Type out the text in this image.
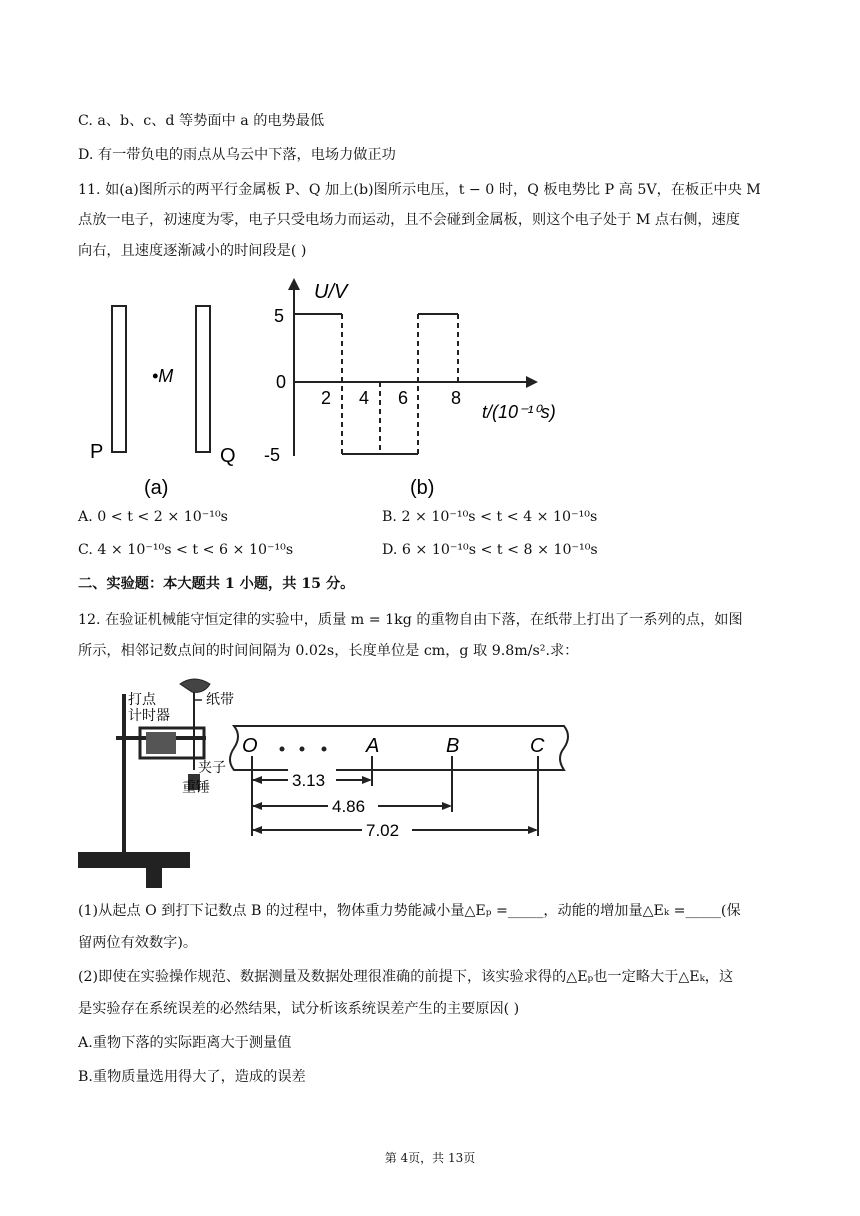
C. a、b、c、d 等势面中 a 的电势最低
D. 有一带负电的雨点从乌云中下落，电场力做正功
11. 如(a)图所示的两平行金属板 P、Q 加上(b)图所示电压，t − 0 时，Q 板电势比 P 高 5V，在板正中央 M
点放一电子，初速度为零，电子只受电场力而运动，且不会碰到金属板，则这个电子处于 M 点右侧，速度
向右，且速度逐渐减小的时间段是( )
P	Q
•M
(a)
U/V
t/(10⁻¹⁰s)
5
0
-5
2 4 6 8
(b)
A. 0 < t < 2 × 10⁻¹⁰s	B. 2 × 10⁻¹⁰s < t < 4 × 10⁻¹⁰s
C. 4 × 10⁻¹⁰s < t < 6 × 10⁻¹⁰s	D. 6 × 10⁻¹⁰s < t < 8 × 10⁻¹⁰s
二、实验题：本大题共 1 小题，共 15 分。
12. 在验证机械能守恒定律的实验中，质量 m = 1kg 的重物自由下落，在纸带上打出了一系列的点，如图
所示，相邻记数点间的时间间隔为 0.02s，长度单位是 cm，g 取 9.8m/s².求：
打点
计时器
纸带
夹子
重锤
O	A	B	C
3.13
4.86
7.02
(1)从起点 O 到打下记数点 B 的过程中，物体重力势能减小量△Eₚ =_____，动能的增加量△Eₖ =_____(保
留两位有效数字)。
(2)即使在实验操作规范、数据测量及数据处理很准确的前提下，该实验求得的△Eₚ也一定略大于△Eₖ，这
是实验存在系统误差的必然结果，试分析该系统误差产生的主要原因( )
A.重物下落的实际距离大于测量值
B.重物质量选用得大了，造成的误差
第 4页，共 13页
